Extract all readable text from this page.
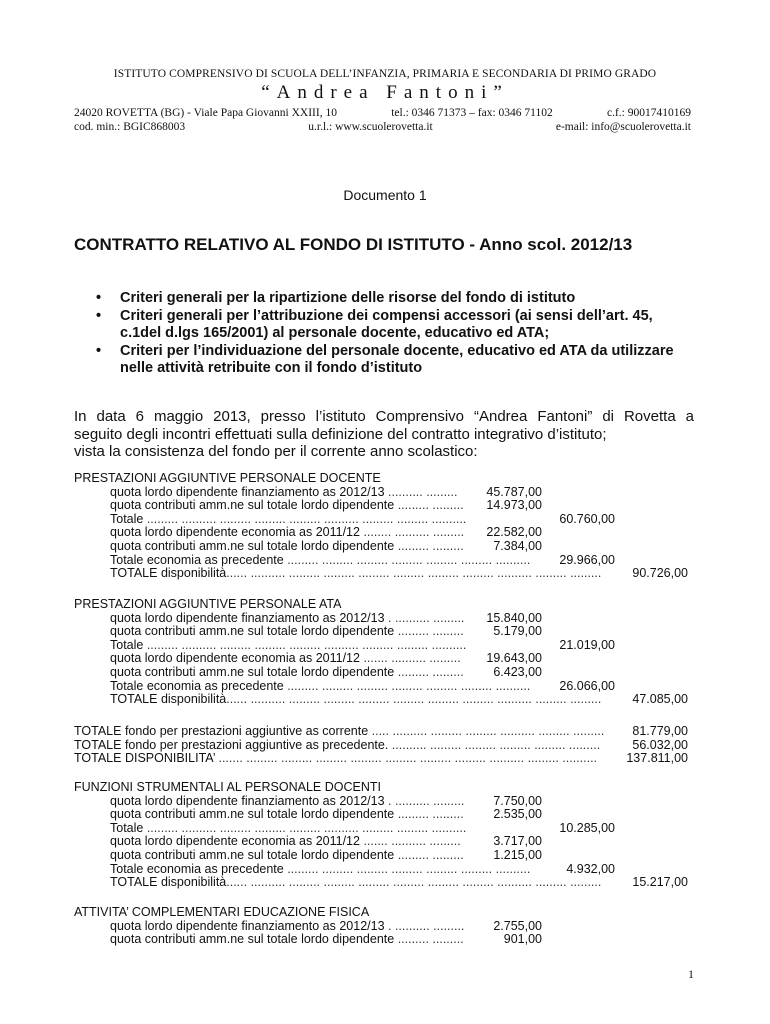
ISTITUTO COMPRENSIVO DI SCUOLA DELL’INFANZIA, PRIMARIA E SECONDARIA DI PRIMO GRADO
“Andrea Fantoni”
24020 ROVETTA (BG) - Viale Papa Giovanni XXIII, 10	tel.: 0346 71373 – fax: 0346 71102	c.f.: 90017410169
cod. min.: BGIC868003	u.r.l.: www.scuolerovetta.it	e-mail: info@scuolerovetta.it
Documento 1
CONTRATTO RELATIVO AL FONDO DI ISTITUTO - Anno scol. 2012/13
• Criteri generali per la ripartizione delle risorse del fondo di istituto
• Criteri generali per l’attribuzione dei compensi accessori (ai sensi dell’art. 45, c.1del d.lgs 165/2001) al personale docente, educativo ed ATA;
• Criteri per l’individuazione del personale docente, educativo ed ATA da utilizzare nelle attività retribuite con il fondo d’istituto
In data 6 maggio 2013, presso l’istituto Comprensivo “Andrea Fantoni” di Rovetta a
seguito degli incontri effettuati sulla definizione del contratto integrativo d’istituto;
vista la consistenza del fondo per il corrente anno scolastico:
PRESTAZIONI AGGIUNTIVE PERSONALE DOCENTE
quota lordo dipendente finanziamento as 2012/13 .......... ......... 45.787,00
quota contributi amm.ne sul totale lordo dipendente ......... ......... 14.973,00
Totale ......... .......... ......... ......... ......... .......... ......... ......... ..........	60.760,00
quota lordo dipendente economia as 2011/12 ........ .......... ......... 22.582,00
quota contributi amm.ne sul totale lordo dipendente ......... ......... 7.384,00
Totale economia as precedente ......... ......... ......... ......... ......... ......... .......... 29.966,00
TOTALE disponibilità...... .......... ......... ......... ......... ......... ......... ......... .......... ......... ......... 90.726,00
PRESTAZIONI AGGIUNTIVE PERSONALE ATA
quota lordo dipendente finanziamento as 2012/13 . .......... ......... 15.840,00
quota contributi amm.ne sul totale lordo dipendente ......... ......... 5.179,00
Totale ......... .......... ......... ......... ......... .......... ......... ......... ..........	21.019,00
quota lordo dipendente economia as 2011/12 ....... .......... ......... 19.643,00
quota contributi amm.ne sul totale lordo dipendente ......... ......... 6.423,00
Totale economia as precedente ......... ......... ......... ......... ......... ......... .......... 26.066,00
TOTALE disponibilità...... .......... ......... ......... ......... ......... ......... ......... .......... ......... ......... 47.085,00
TOTALE fondo per prestazioni aggiuntive as corrente ..... .......... ......... ......... .......... ......... ......... 81.779,00
TOTALE fondo per prestazioni aggiuntive as precedente. .......... ......... ......... ......... ......... .........	56.032,00
TOTALE DISPONIBILITA’ ....... ......... ......... ......... ......... ......... ......... ......... .......... ......... .......... 137.811,00
FUNZIONI STRUMENTALI AL PERSONALE DOCENTI
quota lordo dipendente finanziamento as 2012/13 . .......... ......... 7.750,00
quota contributi amm.ne sul totale lordo dipendente ......... ......... 2.535,00
Totale ......... .......... ......... ......... ......... .......... ......... ......... ..........	10.285,00
quota lordo dipendente economia as 2011/12 ....... .......... .........	3.717,00
quota contributi amm.ne sul totale lordo dipendente ......... ......... 1.215,00
Totale economia as precedente ......... ......... ......... ......... ......... ......... ..........	4.932,00
TOTALE disponibilità...... .......... ......... ......... ......... ......... ......... ......... .......... ......... ......... 15.217,00
ATTIVITA’ COMPLEMENTARI EDUCAZIONE FISICA
quota lordo dipendente finanziamento as 2012/13 . .......... ......... 2.755,00
quota contributi amm.ne sul totale lordo dipendente ......... .........	901,00
1
